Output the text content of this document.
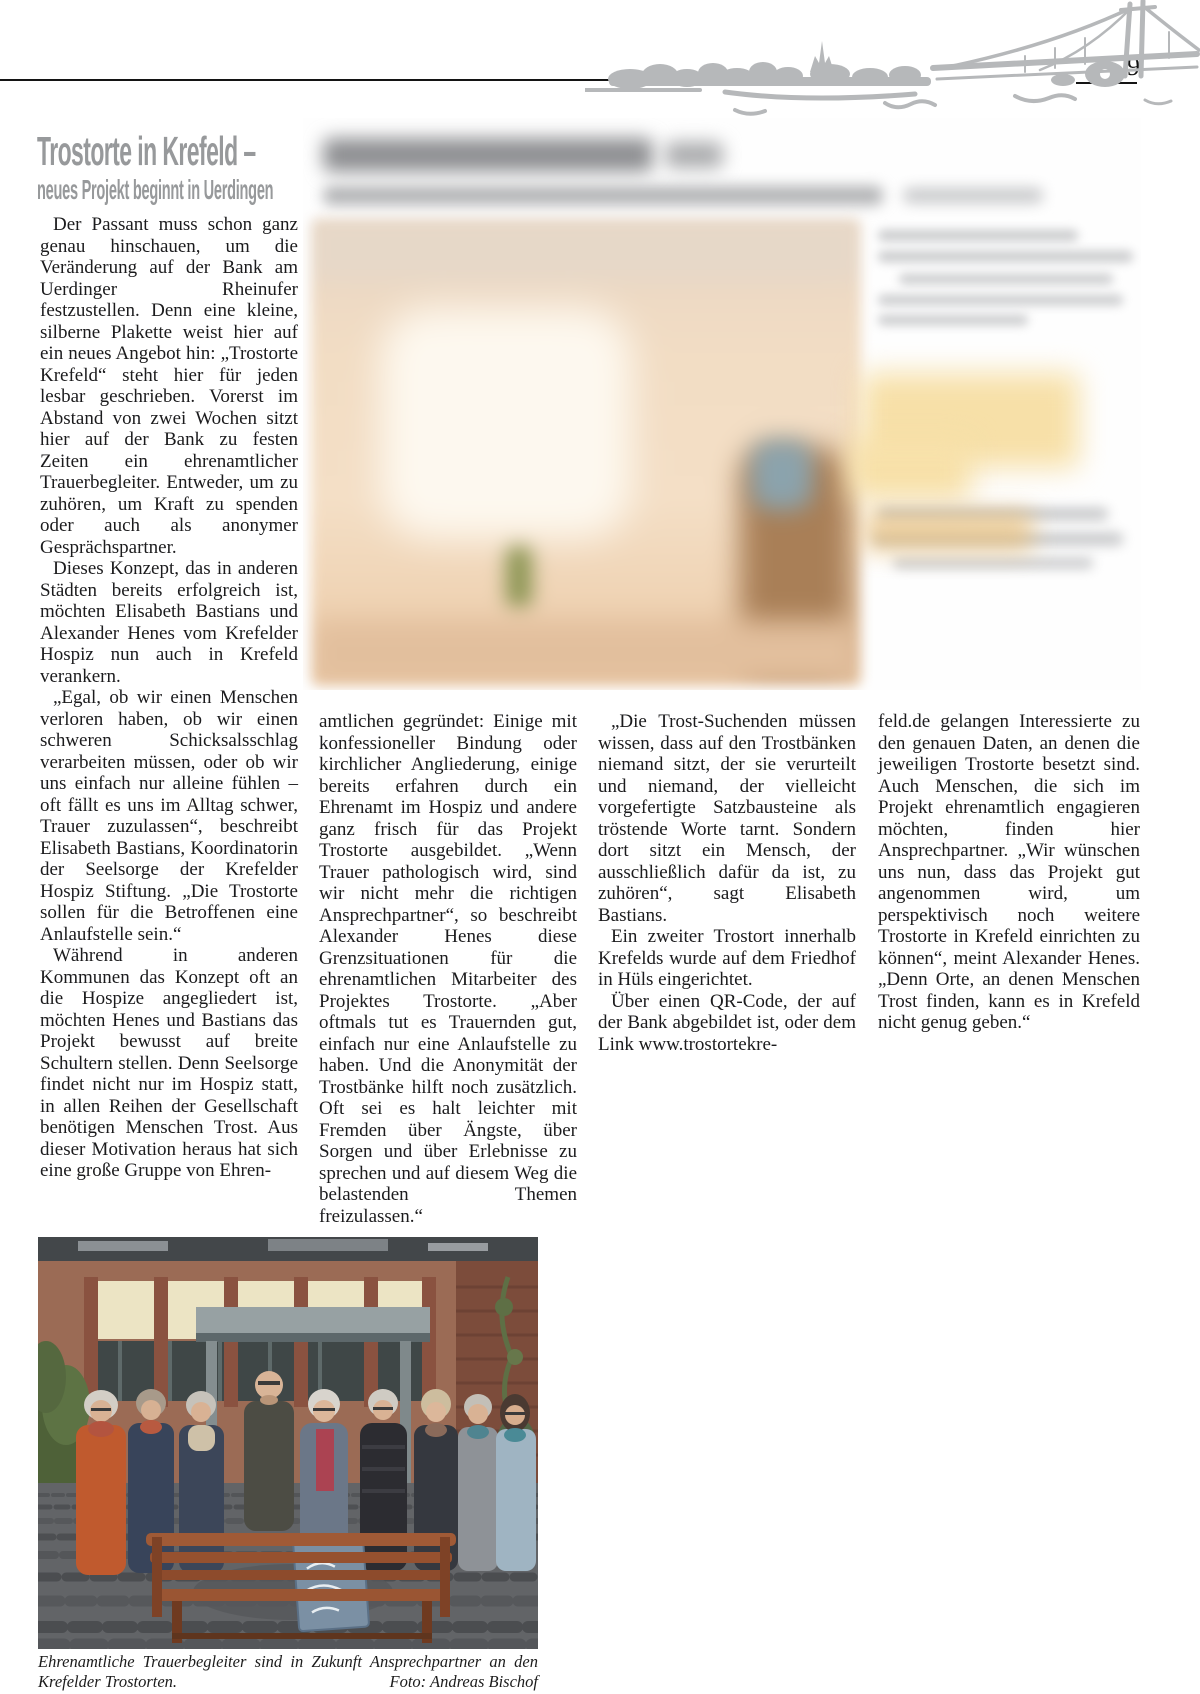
9
Trostorte in Krefeld –
neues Projekt beginnt in Uerdingen

Der Passant muss schon ganz genau hinschauen, um die Veränderung auf der Bank am Uerdinger Rheinufer festzustellen. Denn eine kleine, silberne Plakette weist hier auf ein neues Angebot hin: „Trostorte Krefeld“ steht hier für jeden lesbar geschrieben. Vorerst im Abstand von zwei Wochen sitzt hier auf der Bank zu festen Zeiten ein ehrenamtlicher Trauerbegleiter. Entweder, um zu zuhören, um Kraft zu spenden oder auch als anonymer Gesprächspartner.

Dieses Konzept, das in anderen Städten bereits erfolgreich ist, möchten Elisabeth Bastians und Alexander Henes vom Krefelder Hospiz nun auch in Krefeld verankern.

„Egal, ob wir einen Menschen verloren haben, ob wir einen schweren Schicksalsschlag verarbeiten müssen, oder ob wir uns einfach nur alleine fühlen – oft fällt es uns im Alltag schwer, Trauer zuzulassen“, beschreibt Elisabeth Bastians, Koordinatorin der Seelsorge der Krefelder Hospiz Stiftung. „Die Trostorte sollen für die Betroffenen eine Anlaufstelle sein.“

Während in anderen Kommunen das Konzept oft an die Hospize angegliedert ist, möchten Henes und Bastians das Projekt bewusst auf breite Schultern stellen. Denn Seelsorge findet nicht nur im Hospiz statt, in allen Reihen der Gesellschaft benötigen Menschen Trost. Aus dieser Motivation heraus hat sich eine große Gruppe von Ehren-

amtlichen gegründet: Einige mit konfessioneller Bindung oder kirchlicher Angliederung, einige bereits erfahren durch ein Ehrenamt im Hospiz und andere ganz frisch für das Projekt Trostorte ausgebildet. „Wenn Trauer pathologisch wird, sind wir nicht mehr die richtigen Ansprechpartner“, so beschreibt Alexander Henes diese Grenzsituationen für die ehrenamtlichen Mitarbeiter des Projektes Trostorte. „Aber oftmals tut es Trauernden gut, einfach nur eine Anlaufstelle zu haben. Und die Anonymität der Trostbänke hilft noch zusätzlich. Oft sei es halt leichter mit Fremden über Ängste, über Sorgen und über Erlebnisse zu sprechen und auf diesem Weg die belastenden Themen freizulassen.“

„Die Trost-Suchenden müssen wissen, dass auf den Trostbänken niemand sitzt, der sie verurteilt und niemand, der vielleicht vorgefertigte Satzbausteine als tröstende Worte tarnt. Sondern dort sitzt ein Mensch, der ausschließlich dafür da ist, zu zuhören“, sagt Elisabeth Bastians.

Ein zweiter Trostort innerhalb Krefelds wurde auf dem Friedhof in Hüls eingerichtet.

Über einen QR-Code, der auf der Bank abgebildet ist, oder dem Link www.trostortekre-

feld.de gelangen Interessierte zu den genauen Daten, an denen die jeweiligen Trostorte besetzt sind. Auch Menschen, die sich im Projekt ehrenamtlich engagieren möchten, finden hier Ansprechpartner. „Wir wünschen uns nun, dass das Projekt gut angenommen wird, um perspektivisch noch weitere Trostorte in Krefeld einrichten zu können“, meint Alexander Henes. „Denn Orte, an denen Menschen Trost finden, kann es in Krefeld nicht genug geben.“

Ehrenamtliche Trauerbegleiter sind in Zukunft Ansprechpartner an den Krefelder Trostorten.	Foto: Andreas Bischof
